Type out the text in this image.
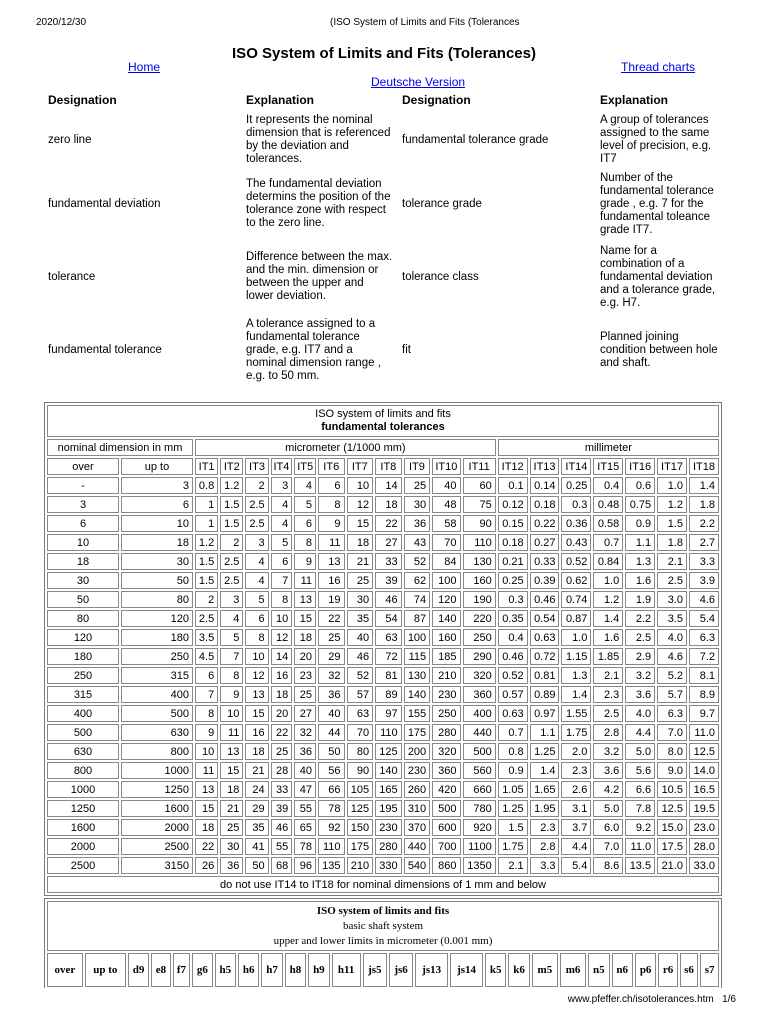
2020/12/30	(ISO System of Limits and Fits (Tolerances
ISO System of Limits and Fits (Tolerances)
Home	Thread charts
Deutsche Version
Designation	Explanation	Designation	Explanation
zero line	It represents the nominal dimension that is referenced by the deviation and tolerances.	fundamental tolerance grade	A group of tolerances assigned to the same level of precision, e.g. IT7
fundamental deviation	The fundamental deviation determins the position of the tolerance zone with respect to the zero line.	tolerance grade	Number of the fundamental tolerance grade , e.g. 7 for the fundamental toleance grade IT7.
tolerance	Difference between the max. and the min. dimension or between the upper and lower deviation.	tolerance class	Name for a combination of a fundamental deviation and a tolerance grade, e.g. H7.
fundamental tolerance	A tolerance assigned to a fundamental tolerance grade, e.g. IT7 and a nominal dimension range , e.g. to 50 mm.	fit	Planned joining condition between hole and shaft.
ISO system of limits and fits
fundamental tolerances																			
nominal dimension in mm		micrometer (1/1000 mm)											millimeter						
over	up to	IT1	IT2	IT3	IT4	IT5	IT6	IT7	IT8	IT9	IT10	IT11	IT12	IT13	IT14	IT15	IT16	IT17	IT18
-	3	0.8	1.2	2	3	4	6	10	14	25	40	60	0.1	0.14	0.25	0.4	0.6	1.0	1.4
3	6	1	1.5	2.5	4	5	8	12	18	30	48	75	0.12	0.18	0.3	0.48	0.75	1.2	1.8
6	10	1	1.5	2.5	4	6	9	15	22	36	58	90	0.15	0.22	0.36	0.58	0.9	1.5	2.2
10	18	1.2	2	3	5	8	11	18	27	43	70	110	0.18	0.27	0.43	0.7	1.1	1.8	2.7
18	30	1.5	2.5	4	6	9	13	21	33	52	84	130	0.21	0.33	0.52	0.84	1.3	2.1	3.3
30	50	1.5	2.5	4	7	11	16	25	39	62	100	160	0.25	0.39	0.62	1.0	1.6	2.5	3.9
50	80	2	3	5	8	13	19	30	46	74	120	190	0.3	0.46	0.74	1.2	1.9	3.0	4.6
80	120	2.5	4	6	10	15	22	35	54	87	140	220	0.35	0.54	0.87	1.4	2.2	3.5	5.4
120	180	3.5	5	8	12	18	25	40	63	100	160	250	0.4	0.63	1.0	1.6	2.5	4.0	6.3
180	250	4.5	7	10	14	20	29	46	72	115	185	290	0.46	0.72	1.15	1.85	2.9	4.6	7.2
250	315	6	8	12	16	23	32	52	81	130	210	320	0.52	0.81	1.3	2.1	3.2	5.2	8.1
315	400	7	9	13	18	25	36	57	89	140	230	360	0.57	0.89	1.4	2.3	3.6	5.7	8.9
400	500	8	10	15	20	27	40	63	97	155	250	400	0.63	0.97	1.55	2.5	4.0	6.3	9.7
500	630	9	11	16	22	32	44	70	110	175	280	440	0.7	1.1	1.75	2.8	4.4	7.0	11.0
630	800	10	13	18	25	36	50	80	125	200	320	500	0.8	1.25	2.0	3.2	5.0	8.0	12.5
800	1000	11	15	21	28	40	56	90	140	230	360	560	0.9	1.4	2.3	3.6	5.6	9.0	14.0
1000	1250	13	18	24	33	47	66	105	165	260	420	660	1.05	1.65	2.6	4.2	6.6	10.5	16.5
1250	1600	15	21	29	39	55	78	125	195	310	500	780	1.25	1.95	3.1	5.0	7.8	12.5	19.5
1600	2000	18	25	35	46	65	92	150	230	370	600	920	1.5	2.3	3.7	6.0	9.2	15.0	23.0
2000	2500	22	30	41	55	78	110	175	280	440	700	1100	1.75	2.8	4.4	7.0	11.0	17.5	28.0
2500	3150	26	36	50	68	96	135	210	330	540	860	1350	2.1	3.3	5.4	8.6	13.5	21.0	33.0
do not use IT14 to IT18 for nominal dimensions of 1 mm and below																			
ISO system of limits and fits
basic shaft system
upper and lower limits in micrometer (0.001 mm)																									
over	up to	d9	e8	f7	g6	h5	h6	h7	h8	h9	h11	js5	js6	js13	js14	k5	k6	m5	m6	n5	n6	p6	r6	s6	s7

www.pfeffer.ch/isotolerances.htm 1/6
